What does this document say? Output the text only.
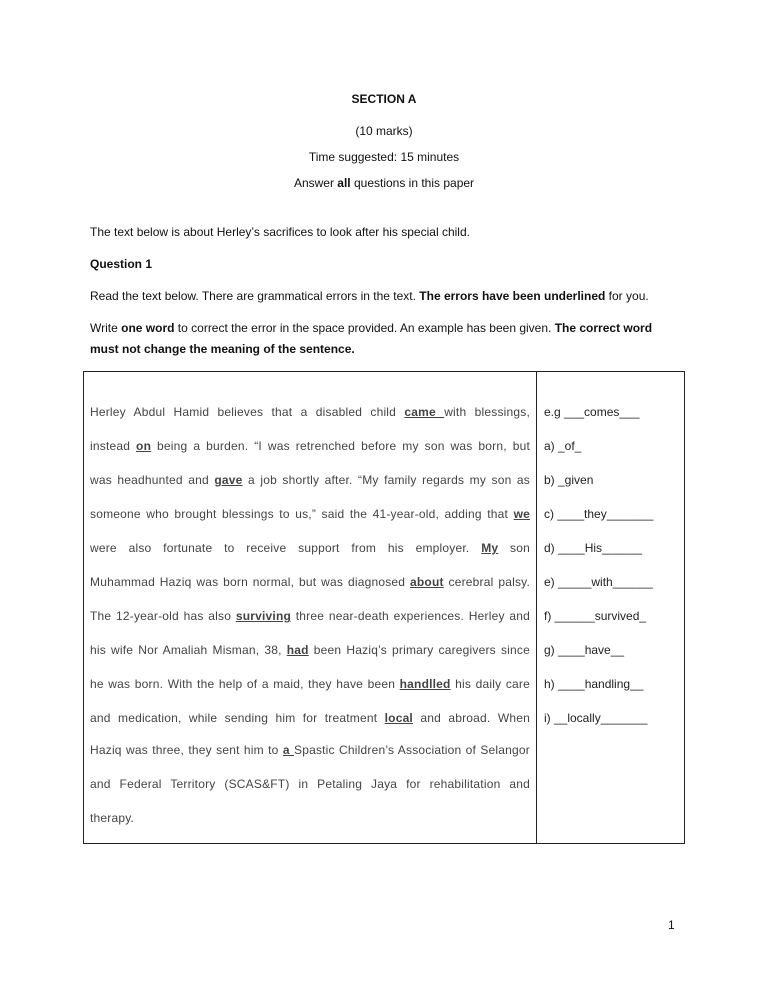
SECTION A
(10 marks)
Time suggested: 15 minutes
Answer all questions in this paper
The text below is about Herley’s sacrifices to look after his special child.
Question 1
Read the text below. There are grammatical errors in the text. The errors have been underlined for you.
Write one word to correct the error in the space provided. An example has been given. The correct word must not change the meaning of the sentence.
Herley Abdul Hamid believes that a disabled child came with blessings,
instead on being a burden. “I was retrenched before my son was born, but
was headhunted and gave a job shortly after. “My family regards my son as
someone who brought blessings to us,” said the 41-year-old, adding that we
were also fortunate to receive support from his employer. My son
Muhammad Haziq was born normal, but was diagnosed about cerebral palsy.
The 12-year-old has also surviving three near-death experiences. Herley and
his wife Nor Amaliah Misman, 38, had been Haziq’s primary caregivers since
he was born. With the help of a maid, they have been handlled his daily care
and medication, while sending him for treatment local and abroad. When
Haziq was three, they sent him to a Spastic Children’s Association of Selangor
and Federal Territory (SCAS&FT) in Petaling Jaya for rehabilitation and
therapy.
e.g ___comes___
a) _of_
b) _given
c) ____they_______
d) ____His______
e) _____with______
f) ______survived_
g) ____have__
h) ____handling__
i) __locally_______
1
